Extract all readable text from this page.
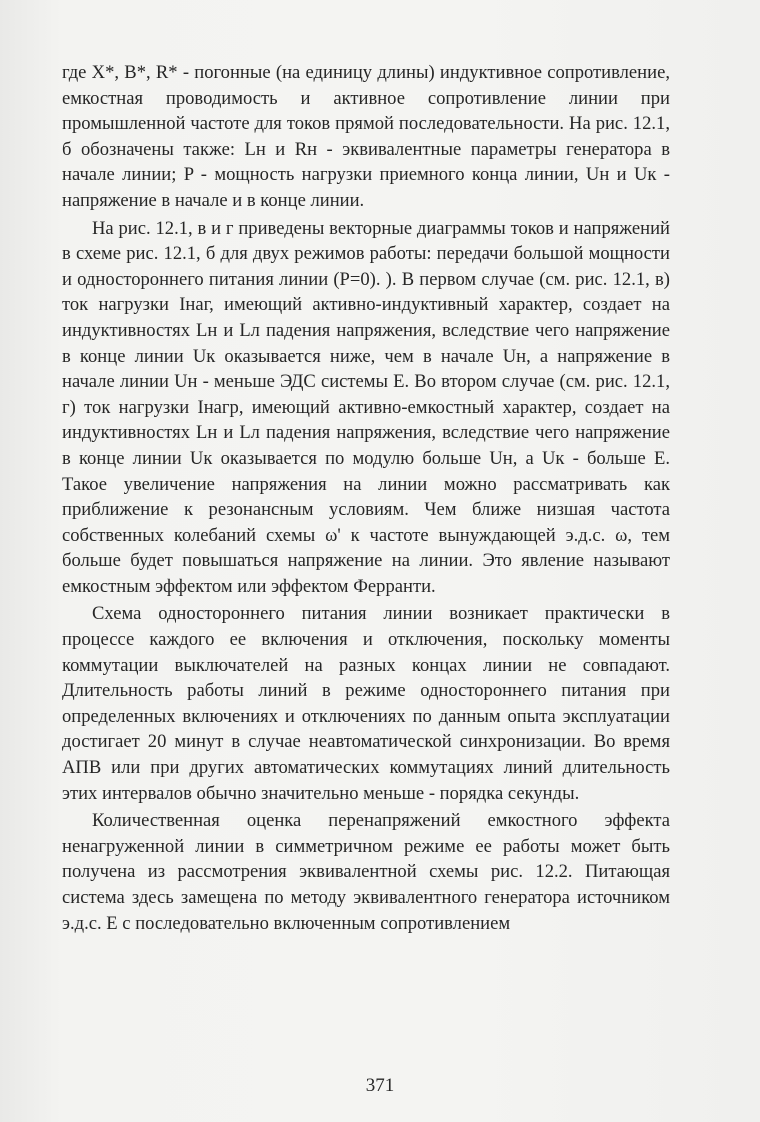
где X*, B*, R* - погонные (на единицу длины) индуктивное сопротивление, емкостная проводимость и активное сопротивление линии при промышленной частоте для токов прямой последовательности. На рис. 12.1, б обозначены также: Lн и Rн - эквивалентные параметры генератора в начале линии; P - мощность нагрузки приемного конца линии, Uн и Uк - напряжение в начале и в конце линии.

На рис. 12.1, в и г приведены векторные диаграммы токов и напряжений в схеме рис. 12.1, б для двух режимов работы: передачи большой мощности и одностороннего питания линии (P=0). ). В первом случае (см. рис. 12.1, в) ток нагрузки Iнаг, имеющий активно-индуктивный характер, создает на индуктивностях Lн и Lл падения напряжения, вследствие чего напряжение в конце линии Uк оказывается ниже, чем в начале Uн, а напряжение в начале линии Uн - меньше ЭДС системы E. Во втором случае (см. рис. 12.1, г) ток нагрузки Iнагр, имеющий активно-емкостный характер, создает на индуктивностях Lн и Lл падения напряжения, вследствие чего напряжение в конце линии Uк оказывается по модулю больше Uн, а Uк - больше E. Такое увеличение напряжения на линии можно рассматривать как приближение к резонансным условиям. Чем ближе низшая частота собственных колебаний схемы ω' к частоте вынуждающей э.д.с. ω, тем больше будет повышаться напряжение на линии. Это явление называют емкостным эффектом или эффектом Ферранти.

Схема одностороннего питания линии возникает практически в процессе каждого ее включения и отключения, поскольку моменты коммутации выключателей на разных концах линии не совпадают. Длительность работы линий в режиме одностороннего питания при определенных включениях и отключениях по данным опыта эксплуатации достигает 20 минут в случае неавтоматической синхронизации. Во время АПВ или при других автоматических коммутациях линий длительность этих интервалов обычно значительно меньше - порядка секунды.

Количественная оценка перенапряжений емкостного эффекта ненагруженной линии в симметричном режиме ее работы может быть получена из рассмотрения эквивалентной схемы рис. 12.2. Питающая система здесь замещена по методу эквивалентного генератора источником э.д.с. E с последовательно включенным сопротивлением

371
